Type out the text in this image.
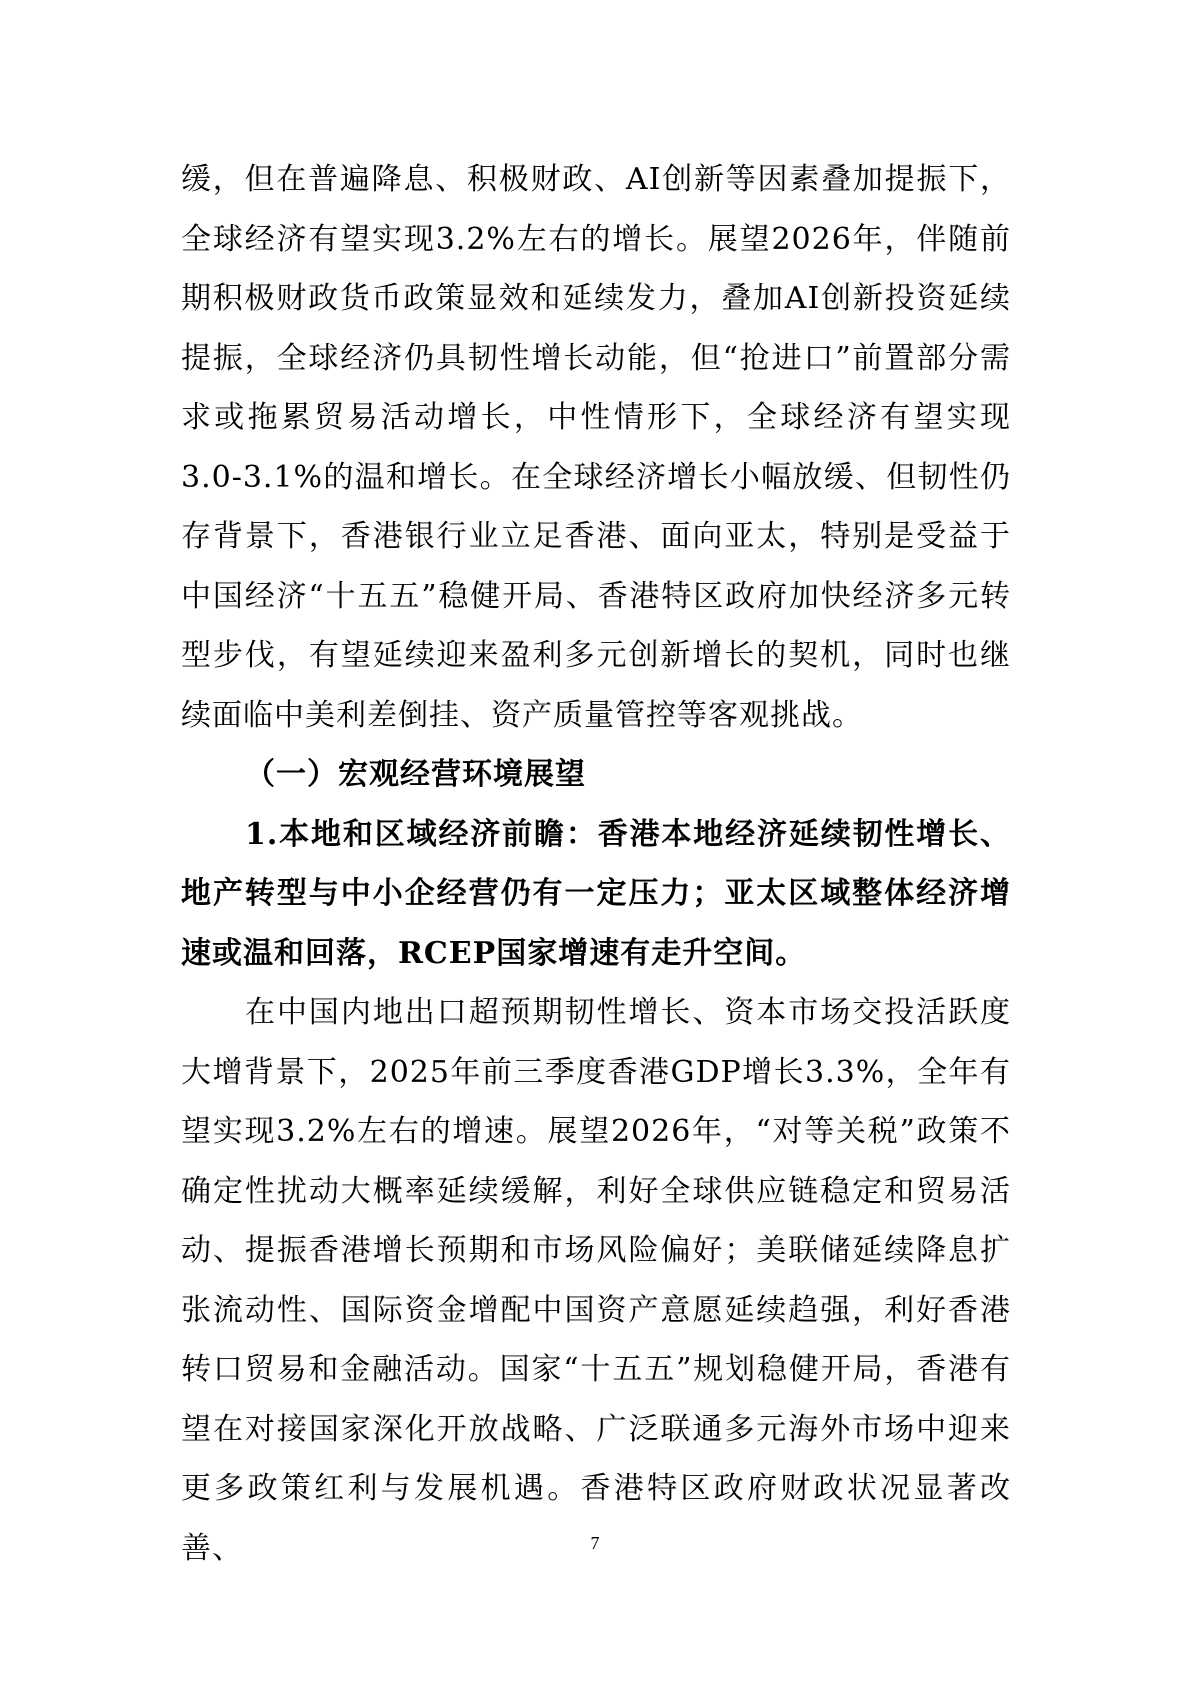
缓，但在普遍降息、积极财政、AI创新等因素叠加提振下，全球经济有望实现3.2%左右的增长。展望2026年，伴随前期积极财政货币政策显效和延续发力，叠加AI创新投资延续提振，全球经济仍具韧性增长动能，但“抢进口”前置部分需求或拖累贸易活动增长，中性情形下，全球经济有望实现3.0-3.1%的温和增长。在全球经济增长小幅放缓、但韧性仍存背景下，香港银行业立足香港、面向亚太，特别是受益于中国经济“十五五”稳健开局、香港特区政府加快经济多元转型步伐，有望延续迎来盈利多元创新增长的契机，同时也继续面临中美利差倒挂、资产质量管控等客观挑战。

（一）宏观经营环境展望

1.本地和区域经济前瞻：香港本地经济延续韧性增长、地产转型与中小企经营仍有一定压力；亚太区域整体经济增速或温和回落，RCEP国家增速有走升空间。

在中国内地出口超预期韧性增长、资本市场交投活跃度大增背景下，2025年前三季度香港GDP增长3.3%，全年有望实现3.2%左右的增速。展望2026年，“对等关税”政策不确定性扰动大概率延续缓解，利好全球供应链稳定和贸易活动、提振香港增长预期和市场风险偏好；美联储延续降息扩张流动性、国际资金增配中国资产意愿延续趋强，利好香港转口贸易和金融活动。国家“十五五”规划稳健开局，香港有望在对接国家深化开放战略、广泛联通多元海外市场中迎来更多政策红利与发展机遇。香港特区政府财政状况显著改善、	7
